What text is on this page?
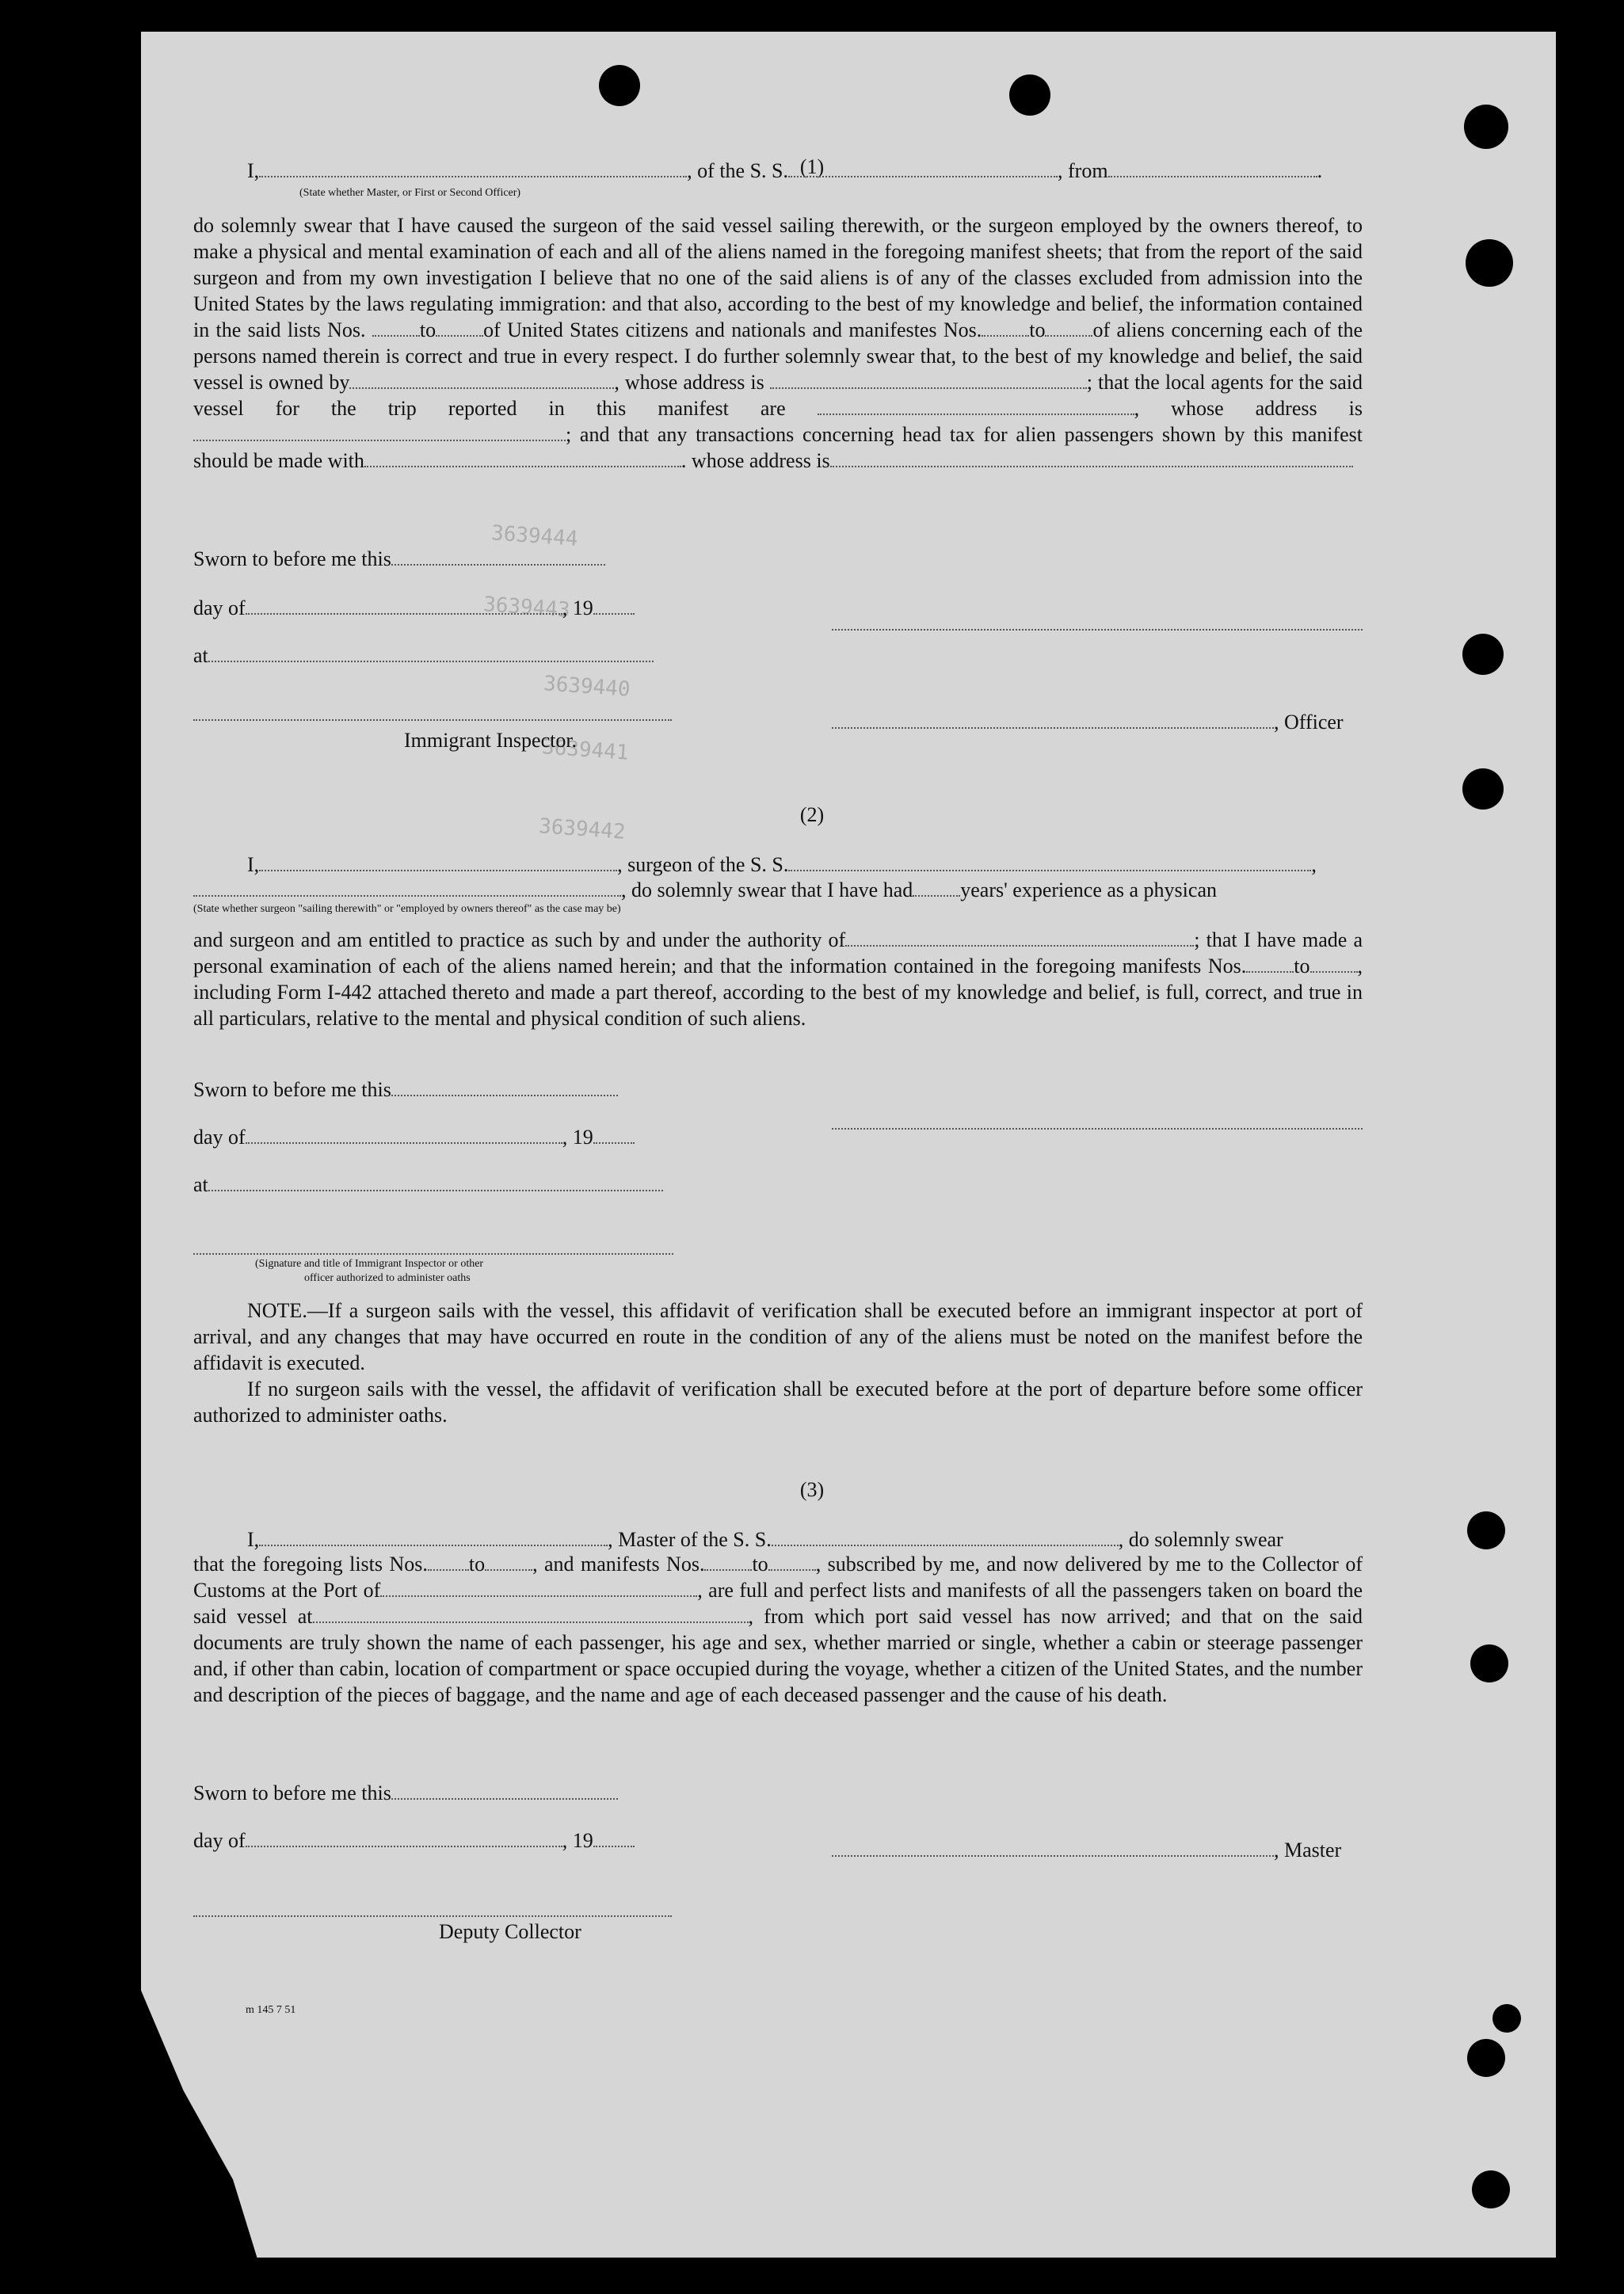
3639444
3639443
3639440
3639441
3639442
(1)
I,	, of the S. S.	, from	.
(State whether Master, or First or Second Officer)

do solemnly swear that I have caused the surgeon of the said vessel sailing therewith, or the surgeon employed by the owners thereof, to make a physical and mental examination of each and all of the aliens named in the foregoing manifest sheets; that from the report of the said surgeon and from my own investigation I believe that no one of the said aliens is of any of the classes excluded from admission into the United States by the laws regulating immigration: and that also, according to the best of my knowledge and belief, the information contained in the said lists Nos.	to of United States citizens and nationals and manifestes Nos. to of aliens concerning each of the persons named therein is correct and true in every respect. I do further solemnly swear that, to the best of my knowledge and belief, the said vessel is owned by	, whose address is	; that the local agents for the said vessel for the trip reported in this manifest are	, whose address is; and that any transactions concerning head tax for alien passengers shown by this manifest should be made with	. whose address is

Sworn to before me this
day of	, 19
at
, Officer
Immigrant Inspector.
(2)
I,	, surgeon of the S. S.	,
, do solemnly swear that I have had years' experience as a physican
(State whether surgeon "sailing therewith" or "employed by owners thereof" as the case may be)

and surgeon and am entitled to practice as such by and under the authority of	; that I have made a personal examination of each of the aliens named herein; and that the information contained in the foregoing manifests Nos. to , including Form I-442 attached thereto and made a part thereof, according to the best of my knowledge and belief, is full, correct, and true in all particulars, relative to the mental and physical condition of such aliens.

Sworn to before me this
day of	, 19
at
(Signature and title of Immigrant Inspector or other
officer authorized to administer oaths

NOTE.—If a surgeon sails with the vessel, this affidavit of verification shall be executed before an immigrant inspector at port of arrival, and any changes that may have occurred en route in the condition of any of the aliens must be noted on the manifest before the affidavit is executed.
If no surgeon sails with the vessel, the affidavit of verification shall be executed before at the port of departure before some officer authorized to administer oaths.

(3)
I,	, Master of the S. S.	, do solemnly swear

that the foregoing lists Nos. to , and manifests Nos. to , subscribed by me, and now delivered by me to the Collector of Customs at the Port of	, are full and perfect lists and manifests of all the passengers taken on board the said vessel at	, from which port said vessel has now arrived; and that on the said documents are truly shown the name of each passenger, his age and sex, whether married or single, whether a cabin or steerage passenger and, if other than cabin, location of compartment or space occupied during the voyage, whether a citizen of the United States, and the number and description of the pieces of baggage, and the name and age of each deceased passenger and the cause of his death.

Sworn to before me this
day of	, 19	, Master
Deputy Collector
m 145 7 51
